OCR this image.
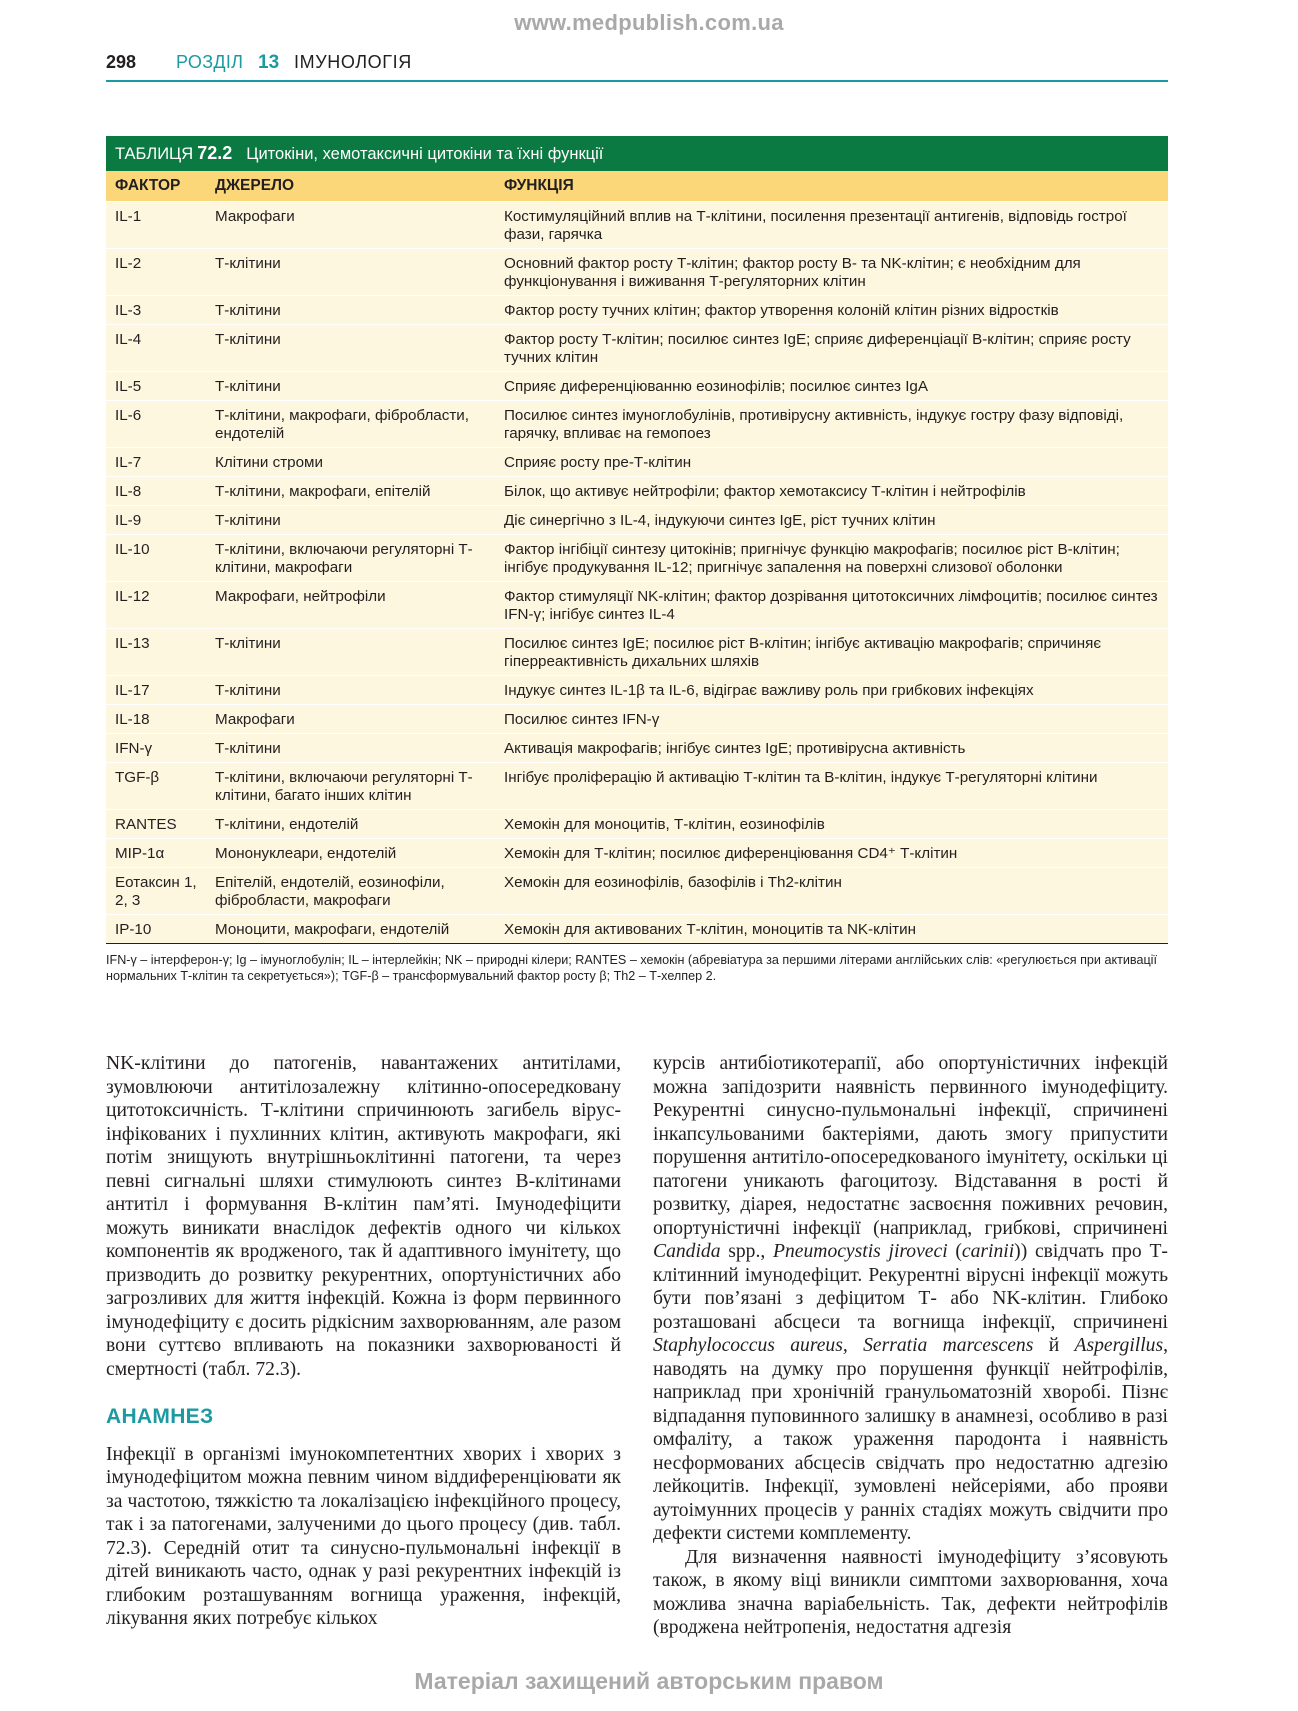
www.medpublish.com.ua
298 РОЗДІЛ 13 ІМУНОЛОГІЯ
ТАБЛИЦЯ 72.2 Цитокіни, хемотаксичні цитокіни та їхні функції
ФАКТОР	ДЖЕРЕЛО	ФУНКЦІЯ
IL-1	Макрофаги	Костимуляційний вплив на Т-клітини, посилення презентації антигенів, відповідь гострої фази, гарячка
IL-2	Т-клітини	Основний фактор росту Т-клітин; фактор росту В- та NK-клітин; є необхідним для функціонування і виживання Т-регуляторних клітин
IL-3	Т-клітини	Фактор росту тучних клітин; фактор утворення колоній клітин різних відростків
IL-4	Т-клітини	Фактор росту Т-клітин; посилює синтез IgE; сприяє диференціації В-клітин; сприяє росту тучних клітин
IL-5	Т-клітини	Сприяє диференціюванню еозинофілів; посилює синтез IgA
IL-6	Т-клітини, макрофаги, фібробласти, ендотелій	Посилює синтез імуноглобулінів, противірусну активність, індукує гостру фазу відповіді, гарячку, впливає на гемопоез
IL-7	Клітини строми	Сприяє росту пре-Т-клітин
IL-8	Т-клітини, макрофаги, епітелій	Білок, що активує нейтрофіли; фактор хемотаксису Т-клітин і нейтрофілів
IL-9	Т-клітини	Діє синергічно з IL-4, індукуючи синтез IgE, ріст тучних клітин
IL-10	Т-клітини, включаючи регуляторні Т-клітини, макрофаги	Фактор інгібіції синтезу цитокінів; пригнічує функцію макрофагів; посилює ріст В-клітин; інгібує продукування IL-12; пригнічує запалення на поверхні слизової оболонки
IL-12	Макрофаги, нейтрофіли	Фактор стимуляції NK-клітин; фактор дозрівання цитотоксичних лімфоцитів; посилює синтез IFN-γ; інгібує синтез IL-4
IL-13	Т-клітини	Посилює синтез IgE; посилює ріст В-клітин; інгібує активацію макрофагів; спричиняє гіперреактивність дихальних шляхів
IL-17	Т-клітини	Індукує синтез IL-1β та IL-6, відіграє важливу роль при грибкових інфекціях
IL-18	Макрофаги	Посилює синтез IFN-γ
IFN-γ	Т-клітини	Активація макрофагів; інгібує синтез IgE; противірусна активність
TGF-β	Т-клітини, включаючи регуляторні Т-клітини, багато інших клітин	Інгібує проліферацію й активацію Т-клітин та В-клітин, індукує Т-регуляторні клітини
RANTES	Т-клітини, ендотелій	Хемокін для моноцитів, Т-клітин, еозинофілів
MIP-1α	Мононуклеари, ендотелій	Хемокін для Т-клітин; посилює диференціювання CD4⁺ Т-клітин
Еотаксин 1, 2, 3	Епітелій, ендотелій, еозинофіли, фібробласти, макрофаги	Хемокін для еозинофілів, базофілів і Th2-клітин
IP-10	Моноцити, макрофаги, ендотелій	Хемокін для активованих Т-клітин, моноцитів та NK-клітин
IFN-γ – інтерферон-γ; Ig – імуноглобулін; IL – інтерлейкін; NK – природні кілери; RANTES – хемокін (абревіатура за першими літерами англійських слів: «регулюється при активації нормальних Т-клітин та секретується»); TGF-β – трансформувальний фактор росту β; Th2 – Т-хелпер 2.

NK-клітини до патогенів, навантажених антитілами, зумовлюючи антитілозалежну клітинно-опосередковану цитотоксичність. Т-клітини спричинюють загибель вірус-інфікованих і пухлинних клітин, активують макрофаги, які потім знищують внутрішньоклітинні патогени, та через певні сигнальні шляхи стимулюють синтез В-клітинами антитіл і формування В-клітин пам’яті. Імунодефіцити можуть виникати внаслідок дефектів одного чи кількох компонентів як вродженого, так й адаптивного імунітету, що призводить до розвитку рекурентних, опортуністичних або загрозливих для життя інфекцій. Кожна із форм первинного імунодефіциту є досить рідкісним захворюванням, але разом вони суттєво впливають на показники захворюваності й смертності (табл. 72.3).

АНАМНЕЗ

Інфекції в організмі імунокомпетентних хворих і хворих з імунодефіцитом можна певним чином віддиференціювати як за частотою, тяжкістю та локалізацією інфекційного процесу, так і за патогенами, залученими до цього процесу (див. табл. 72.3). Середній отит та синусно-пульмональні інфекції в дітей виникають часто, однак у разі рекурентних інфекцій із глибоким розташуванням вогнища ураження, інфекцій, лікування яких потребує кількох

курсів антибіотикотерапії, або опортуністичних інфекцій можна запідозрити наявність первинного імунодефіциту. Рекурентні синусно-пульмональні інфекції, спричинені інкапсульованими бактеріями, дають змогу припустити порушення антитіло-опосередкованого імунітету, оскільки ці патогени уникають фагоцитозу. Відставання в рості й розвитку, діарея, недостатнє засвоєння поживних речовин, опортуністичні інфекції (наприклад, грибкові, спричинені Candida spp., Pneumocystis jiroveci (carinii)) свідчать про Т-клітинний імунодефіцит. Рекурентні вірусні інфекції можуть бути пов’язані з дефіцитом Т- або NK-клітин. Глибоко розташовані абсцеси та вогнища інфекції, спричинені Staphylococcus aureus, Serratia marcescens й Aspergillus, наводять на думку про порушення функції нейтрофілів, наприклад при хронічній гранульоматозній хворобі. Пізнє відпадання пуповинного залишку в анамнезі, особливо в разі омфаліту, а також ураження пародонта і наявність несформованих абсцесів свідчать про недостатню адгезію лейкоцитів. Інфекції, зумовлені нейсеріями, або прояви аутоімунних процесів у ранніх стадіях можуть свідчити про дефекти системи комплементу.

Для визначення наявності імунодефіциту з’ясовують також, в якому віці виникли симптоми захворювання, хоча можлива значна варіабельність. Так, дефекти нейтрофілів (вроджена нейтропенія, недостатня адгезія

Матеріал захищений авторським правом
